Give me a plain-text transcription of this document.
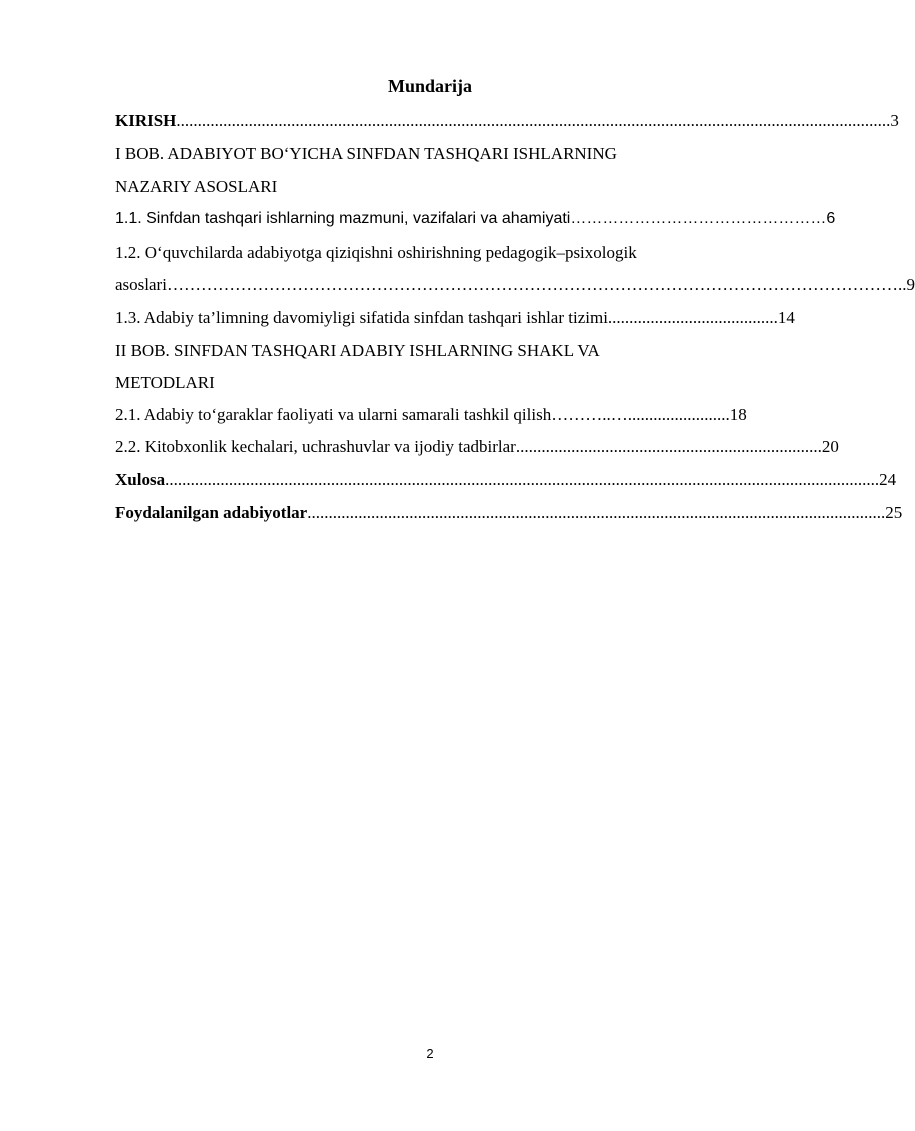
Mundarija
KIRISH ........................................................................................................................................................................ 3
I BOB. ADABIYOT BO‘YICHA SINFDAN TASHQARI ISHLARNING
NAZARIY ASOSLARI
1.1. Sinfdan tashqari ishlarning mazmuni, vazifalari va ahamiyati ………………………………………… 6
1.2. O‘quvchilarda adabiyotga qiziqishni oshirishning pedagogik–psixologik
asoslari ………………………………………………………………………………………………………………… ..9
1.3. Adabiy ta’limning davomiyligi sifatida sinfdan tashqari ishlar tizimi ........................................ 14
II BOB. SINFDAN TASHQARI ADABIY ISHLARNING SHAKL VA
METODLARI
2.1. Adabiy to‘garaklar faoliyati va ularni samarali tashkil qilish ………..…........................ 18
2.2. Kitobxonlik kechalari, uchrashuvlar va ijodiy tadbirlar ........................................................................ 20
Xulosa ........................................................................................................................................................................ 24
Foydalanilgan adabiyotlar ........................................................................................................................................ 25
2
